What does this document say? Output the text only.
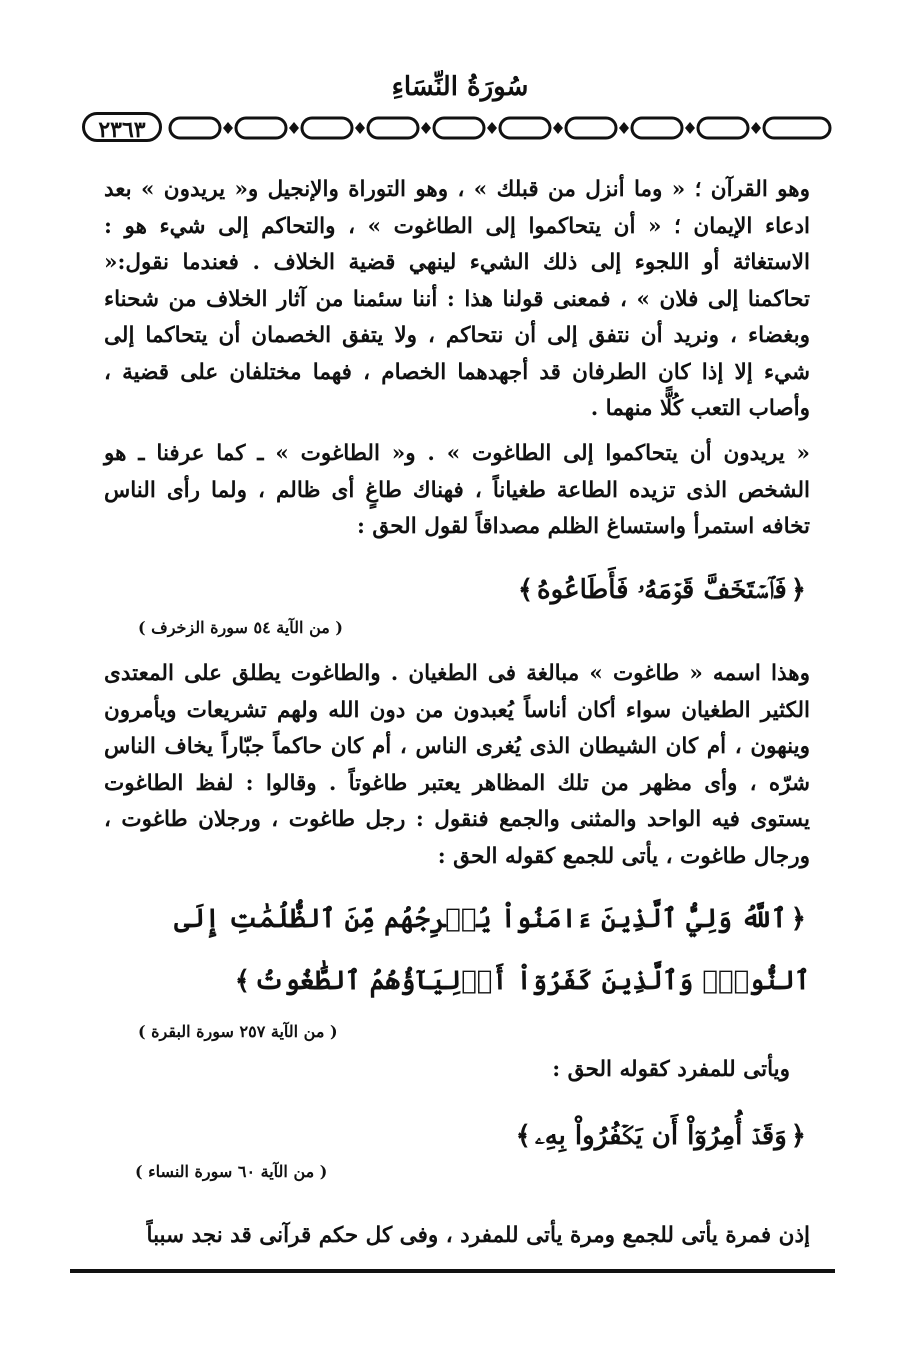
سُورَةُ النِّسَاءِ
٢٣٦٣
وهو القرآن ؛ « وما أنزل من قبلك » ، وهو التوراة والإنجيل و« يريدون » بعد ادعاء الإيمان ؛ « أن يتحاكموا إلى الطاغوت » ، والتحاكم إلى شيء هو : الاستغاثة أو اللجوء إلى ذلك الشيء لينهي قضية الخلاف . فعندما نقول:« تحاكمنا إلى فلان » ، فمعنى قولنا هذا : أننا سئمنا من آثار الخلاف من شحناء وبغضاء ، ونريد أن نتفق إلى أن نتحاكم ، ولا يتفق الخصمان أن يتحاكما إلى شيء إلا إذا كان الطرفان قد أجهدهما الخصام ، فهما مختلفان على قضية ، وأصاب التعب كُلًّا منهما .
« يريدون أن يتحاكموا إلى الطاغوت » . و« الطاغوت » ـ كما عرفنا ـ هو الشخص الذى تزيده الطاعة طغياناً ، فهناك طاغٍ أى ظالم ، ولما رأى الناس تخافه استمرأ واستساغ الظلم مصداقاً لقول الحق :
﴿فَٱسۡتَخَفَّ قَوۡمَهُۥ فَأَطَاعُوهُ﴾
( من الآية ٥٤ سورة الزخرف )
وهذا اسمه « طاغوت » مبالغة فى الطغيان . والطاغوت يطلق على المعتدى الكثير الطغيان سواء أكان أناساً يُعبدون من دون الله ولهم تشريعات ويأمرون وينهون ، أم كان الشيطان الذى يُغرى الناس ، أم كان حاكماً جبّاراً يخاف الناس شرّه ، وأى مظهر من تلك المظاهر يعتبر طاغوتاً . وقالوا : لفظ الطاغوت يستوى فيه الواحد والمثنى والجمع فنقول : رجل طاغوت ، ورجلان طاغوت ، ورجال طاغوت ، يأتى للجمع كقوله الحق :
﴿ٱللَّهُ وَلِيُّ ٱلَّذِينَ ءَامَنُواْ يُخۡرِجُهُم مِّنَ ٱلظُّلُمَٰتِ إِلَى ٱلنُّورِۖ وَٱلَّذِينَ كَفَرُوٓاْ أَوۡلِيَآؤُهُمُ ٱلطَّٰغُوتُ﴾
( من الآية ٢٥٧ سورة البقرة )
ويأتى للمفرد كقوله الحق :
﴿وَقَدۡ أُمِرُوٓاْ أَن يَكۡفُرُواْ بِهِۦ﴾
( من الآية ٦٠ سورة النساء )
إذن فمرة يأتى للجمع ومرة يأتى للمفرد ، وفى كل حكم قرآنى قد نجد سبباً
